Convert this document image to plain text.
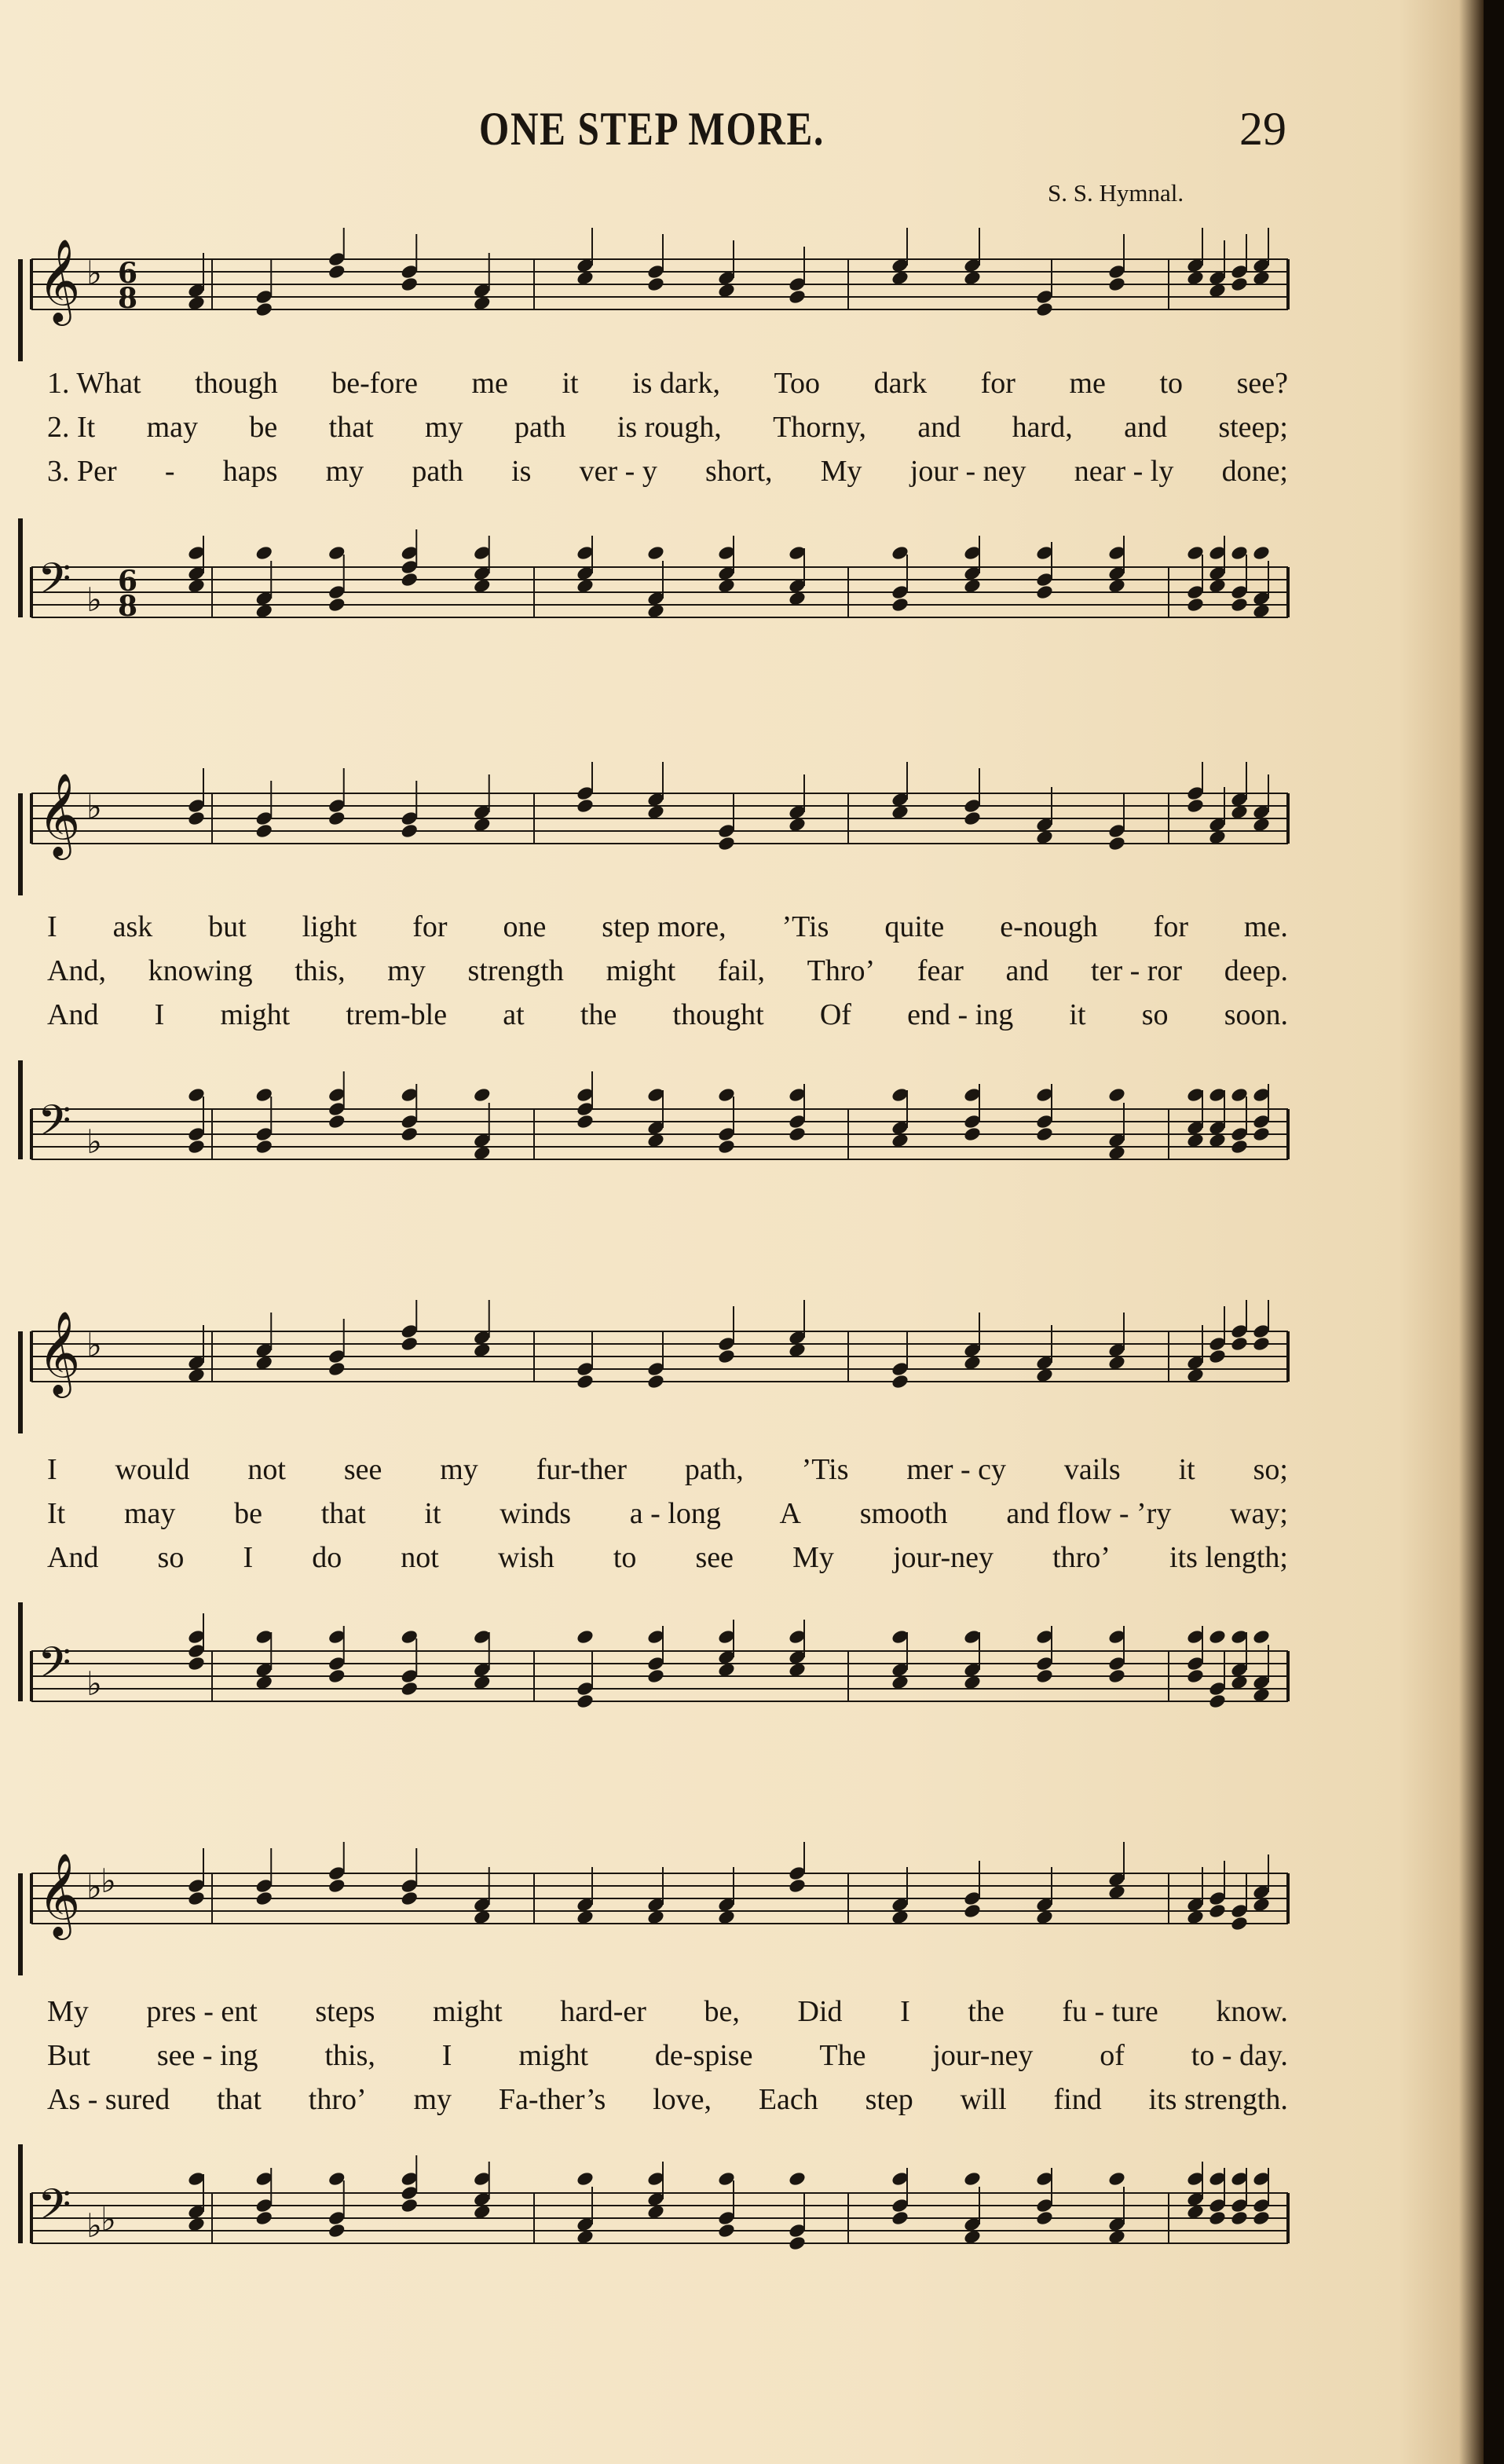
ONE STEP MORE.	29
S. S. Hymnal.
𝄞 ♭ 6
8
1. What though be-fore me it is dark, Too dark for me to see?
2. It may be that my path is rough, Thorny, and hard, and steep;
3. Per - haps my path is ver - y short, My jour - ney near - ly done;
𝄢 ♭ 6
8
𝄞 ♭
I ask but light for one step more, ’Tis quite e-nough for me.
And, knowing this, my strength might fail, Thro’ fear and ter - ror deep.
And I might trem-ble at the thought Of end - ing it so soon.
𝄢 ♭
𝄞 ♭
I would not see my fur-ther path, ’Tis mer - cy vails it so;
It may be that it winds a - long A smooth and flow - ’ry way;
And so I do not wish to see My jour-ney thro’ its length;
𝄢 ♭
𝄞 ♭
♭
My pres - ent steps might hard-er be, Did I the fu - ture know.
But see - ing this, I might de-spise The jour-ney of to - day.
As - sured that thro’ my Fa-ther’s love, Each step will find its strength.
𝄢 ♭
♭
